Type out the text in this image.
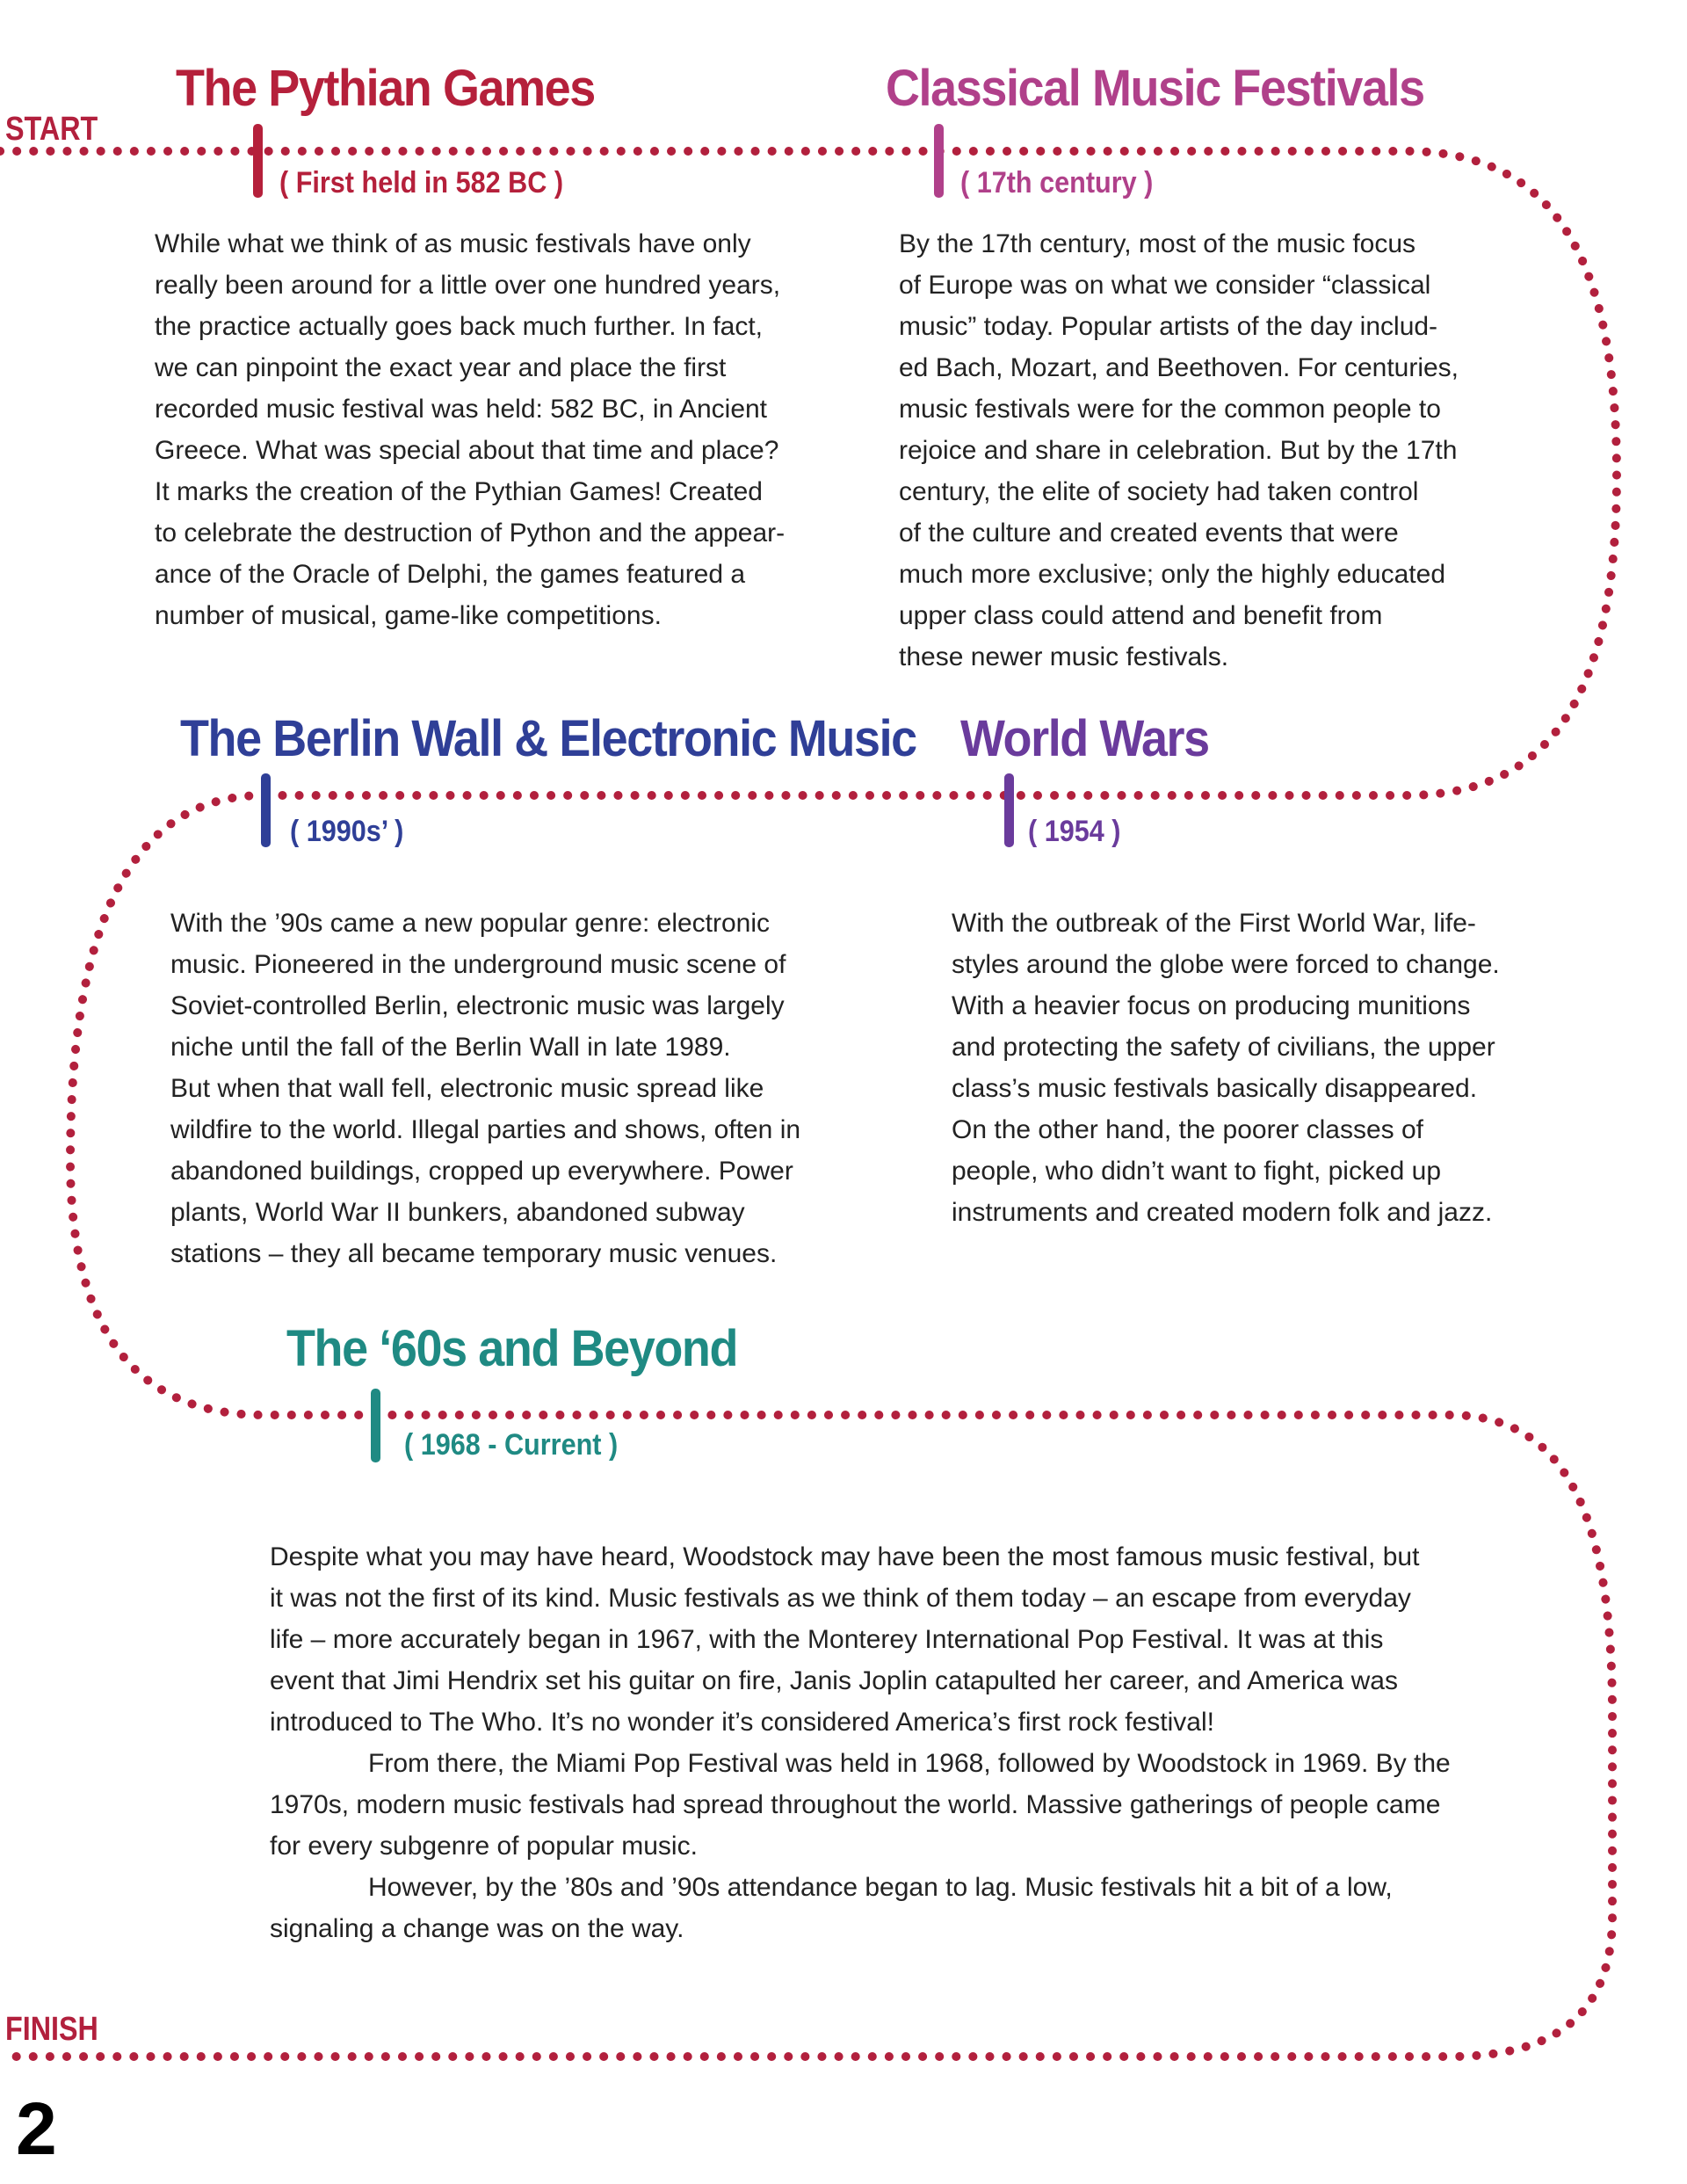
START
FINISH
The Pythian Games
( First held in 582 BC )
While what we think of as music festivals have only
really been around for a little over one hundred years,
the practice actually goes back much further. In fact,
we can pinpoint the exact year and place the first
recorded music festival was held: 582 BC, in Ancient
Greece. What was special about that time and place?
It marks the creation of the Pythian Games! Created
to celebrate the destruction of Python and the appear-
ance of the Oracle of Delphi, the games featured a
number of musical, game-like competitions.
Classical Music Festivals
( 17th century )
By the 17th century, most of the music focus
of Europe was on what we consider “classical
music” today. Popular artists of the day includ-
ed Bach, Mozart, and Beethoven. For centuries,
music festivals were for the common people to
rejoice and share in celebration. But by the 17th
century, the elite of society had taken control
of the culture and created events that were
much more exclusive; only the highly educated
upper class could attend and benefit from
these newer music festivals.
The Berlin Wall & Electronic Music
( 1990s’ )
With the ’90s came a new popular genre: electronic
music. Pioneered in the underground music scene of
Soviet-controlled Berlin, electronic music was largely
niche until the fall of the Berlin Wall in late 1989.
But when that wall fell, electronic music spread like
wildfire to the world. Illegal parties and shows, often in
abandoned buildings, cropped up everywhere. Power
plants, World War II bunkers, abandoned subway
stations – they all became temporary music venues.
World Wars
( 1954 )
With the outbreak of the First World War, life-
styles around the globe were forced to change.
With a heavier focus on producing munitions
and protecting the safety of civilians, the upper
class’s music festivals basically disappeared.
On the other hand, the poorer classes of
people, who didn’t want to fight, picked up
instruments and created modern folk and jazz.
The ‘60s and Beyond
( 1968 - Current )

Despite what you may have heard, Woodstock may have been the most famous music festival, but
it was not the first of its kind. Music festivals as we think of them today – an escape from everyday
life – more accurately began in 1967, with the Monterey International Pop Festival. It was at this
event that Jimi Hendrix set his guitar on fire, Janis Joplin catapulted her career, and America was
introduced to The Who. It’s no wonder it’s considered America’s first rock festival!

From there, the Miami Pop Festival was held in 1968, followed by Woodstock in 1969. By the
1970s, modern music festivals had spread throughout the world. Massive gatherings of people came
for every subgenre of popular music.

However, by the ’80s and ’90s attendance began to lag. Music festivals hit a bit of a low,
signaling a change was on the way.

2
